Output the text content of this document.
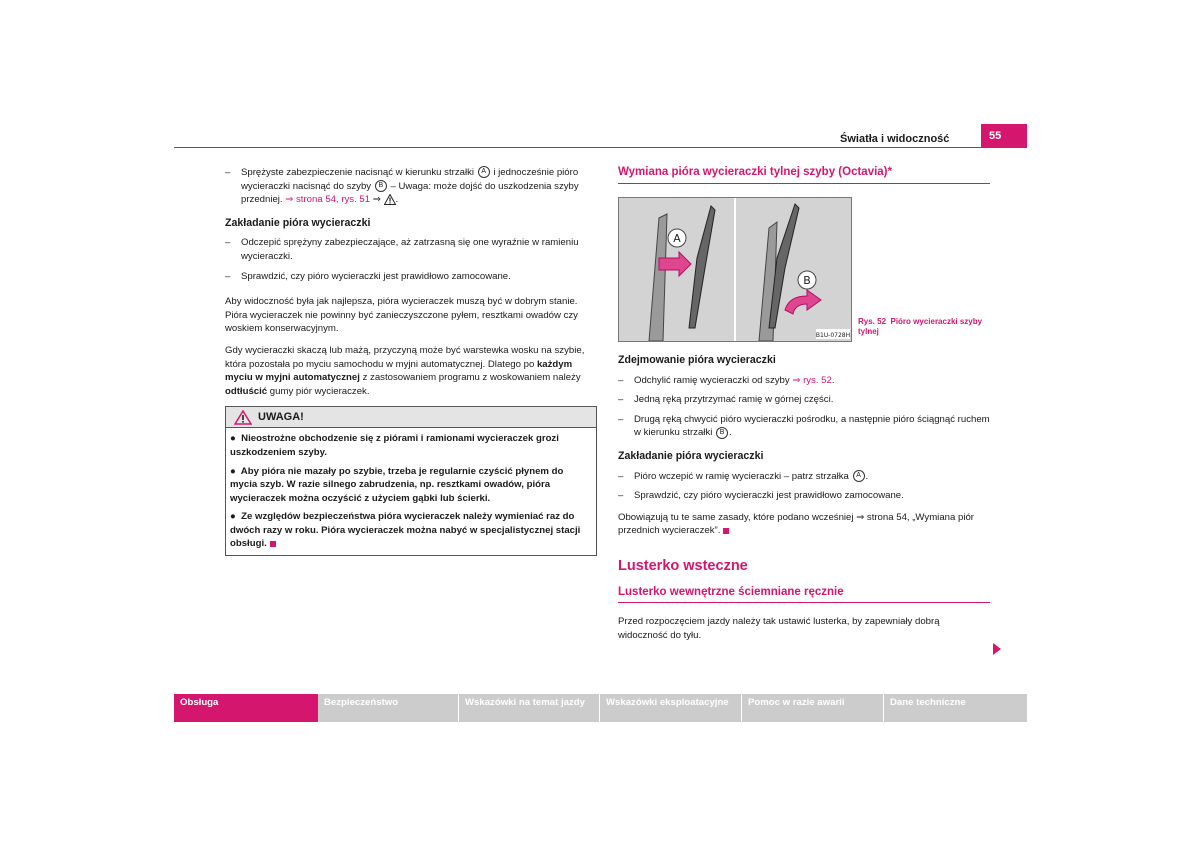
Światła i widoczność	55
– Sprężyste zabezpieczenie nacisnąć w kierunku strzałki A i jednocześnie pióro wycieraczki nacisnąć do szyby B – Uwaga: może dojść do uszkodzenia szyby przedniej. ⇒ strona 54, rys. 51 ⇒ .
Zakładanie pióra wycieraczki
– Odczepić sprężyny zabezpieczające, aż zatrzasną się one wyraźnie w ramieniu wycieraczki.
– Sprawdzić, czy pióro wycieraczki jest prawidłowo zamocowane.

Aby widoczność była jak najlepsza, pióra wycieraczek muszą być w dobrym stanie. Pióra wycieraczek nie powinny być zanieczyszczone pyłem, resztkami owadów czy woskiem konserwacyjnym.

Gdy wycieraczki skaczą lub mażą, przyczyną może być warstewka wosku na szybie, która pozostała po myciu samochodu w myjni automatycznej. Dlatego po każdym myciu w myjni automatycznej z zastosowaniem programu z woskowaniem należy odtłuścić gumy piór wycieraczek.

UWAGA!
●  Nieostrożne obchodzenie się z piórami i ramionami wycieraczek grozi uszkodzeniem szyby.
●  Aby pióra nie mazały po szybie, trzeba je regularnie czyścić płynem do mycia szyb. W razie silnego zabrudzenia, np. resztkami owadów, pióra wycieraczek można oczyścić z użyciem gąbki lub ścierki.
●  Ze względów bezpieczeństwa pióra wycieraczek należy wymieniać raz do dwóch razy w roku. Pióra wycieraczek można nabyć w specjalistycznej stacji obsługi.
Wymiana pióra wycieraczki tylnej szyby (Octavia)*
A
B
B1U-0728H
Rys. 52 Pióro wycieraczki szyby tylnej
Zdejmowanie pióra wycieraczki
– Odchylić ramię wycieraczki od szyby ⇒ rys. 52.
– Jedną ręką przytrzymać ramię w górnej części.
– Drugą ręką chwycić pióro wycieraczki pośrodku, a następnie pióro ściągnąć ruchem w kierunku strzałki B .
Zakładanie pióra wycieraczki
– Pióro wczepić w ramię wycieraczki – patrz strzałka A .
– Sprawdzić, czy pióro wycieraczki jest prawidłowo zamocowane.

Obowiązują tu te same zasady, które podano wcześniej ⇒ strona 54, „Wymiana piór przednich wycieraczek”.

Lusterko wsteczne
Lusterko wewnętrzne ściemniane ręcznie

Przed rozpoczęciem jazdy należy tak ustawić lusterka, by zapewniały dobrą widoczność do tyłu.

Obsługa	Bezpieczeństwo	Wskazówki na temat jazdy	Wskazówki eksploatacyjne	Pomoc w razie awarii	Dane techniczne
